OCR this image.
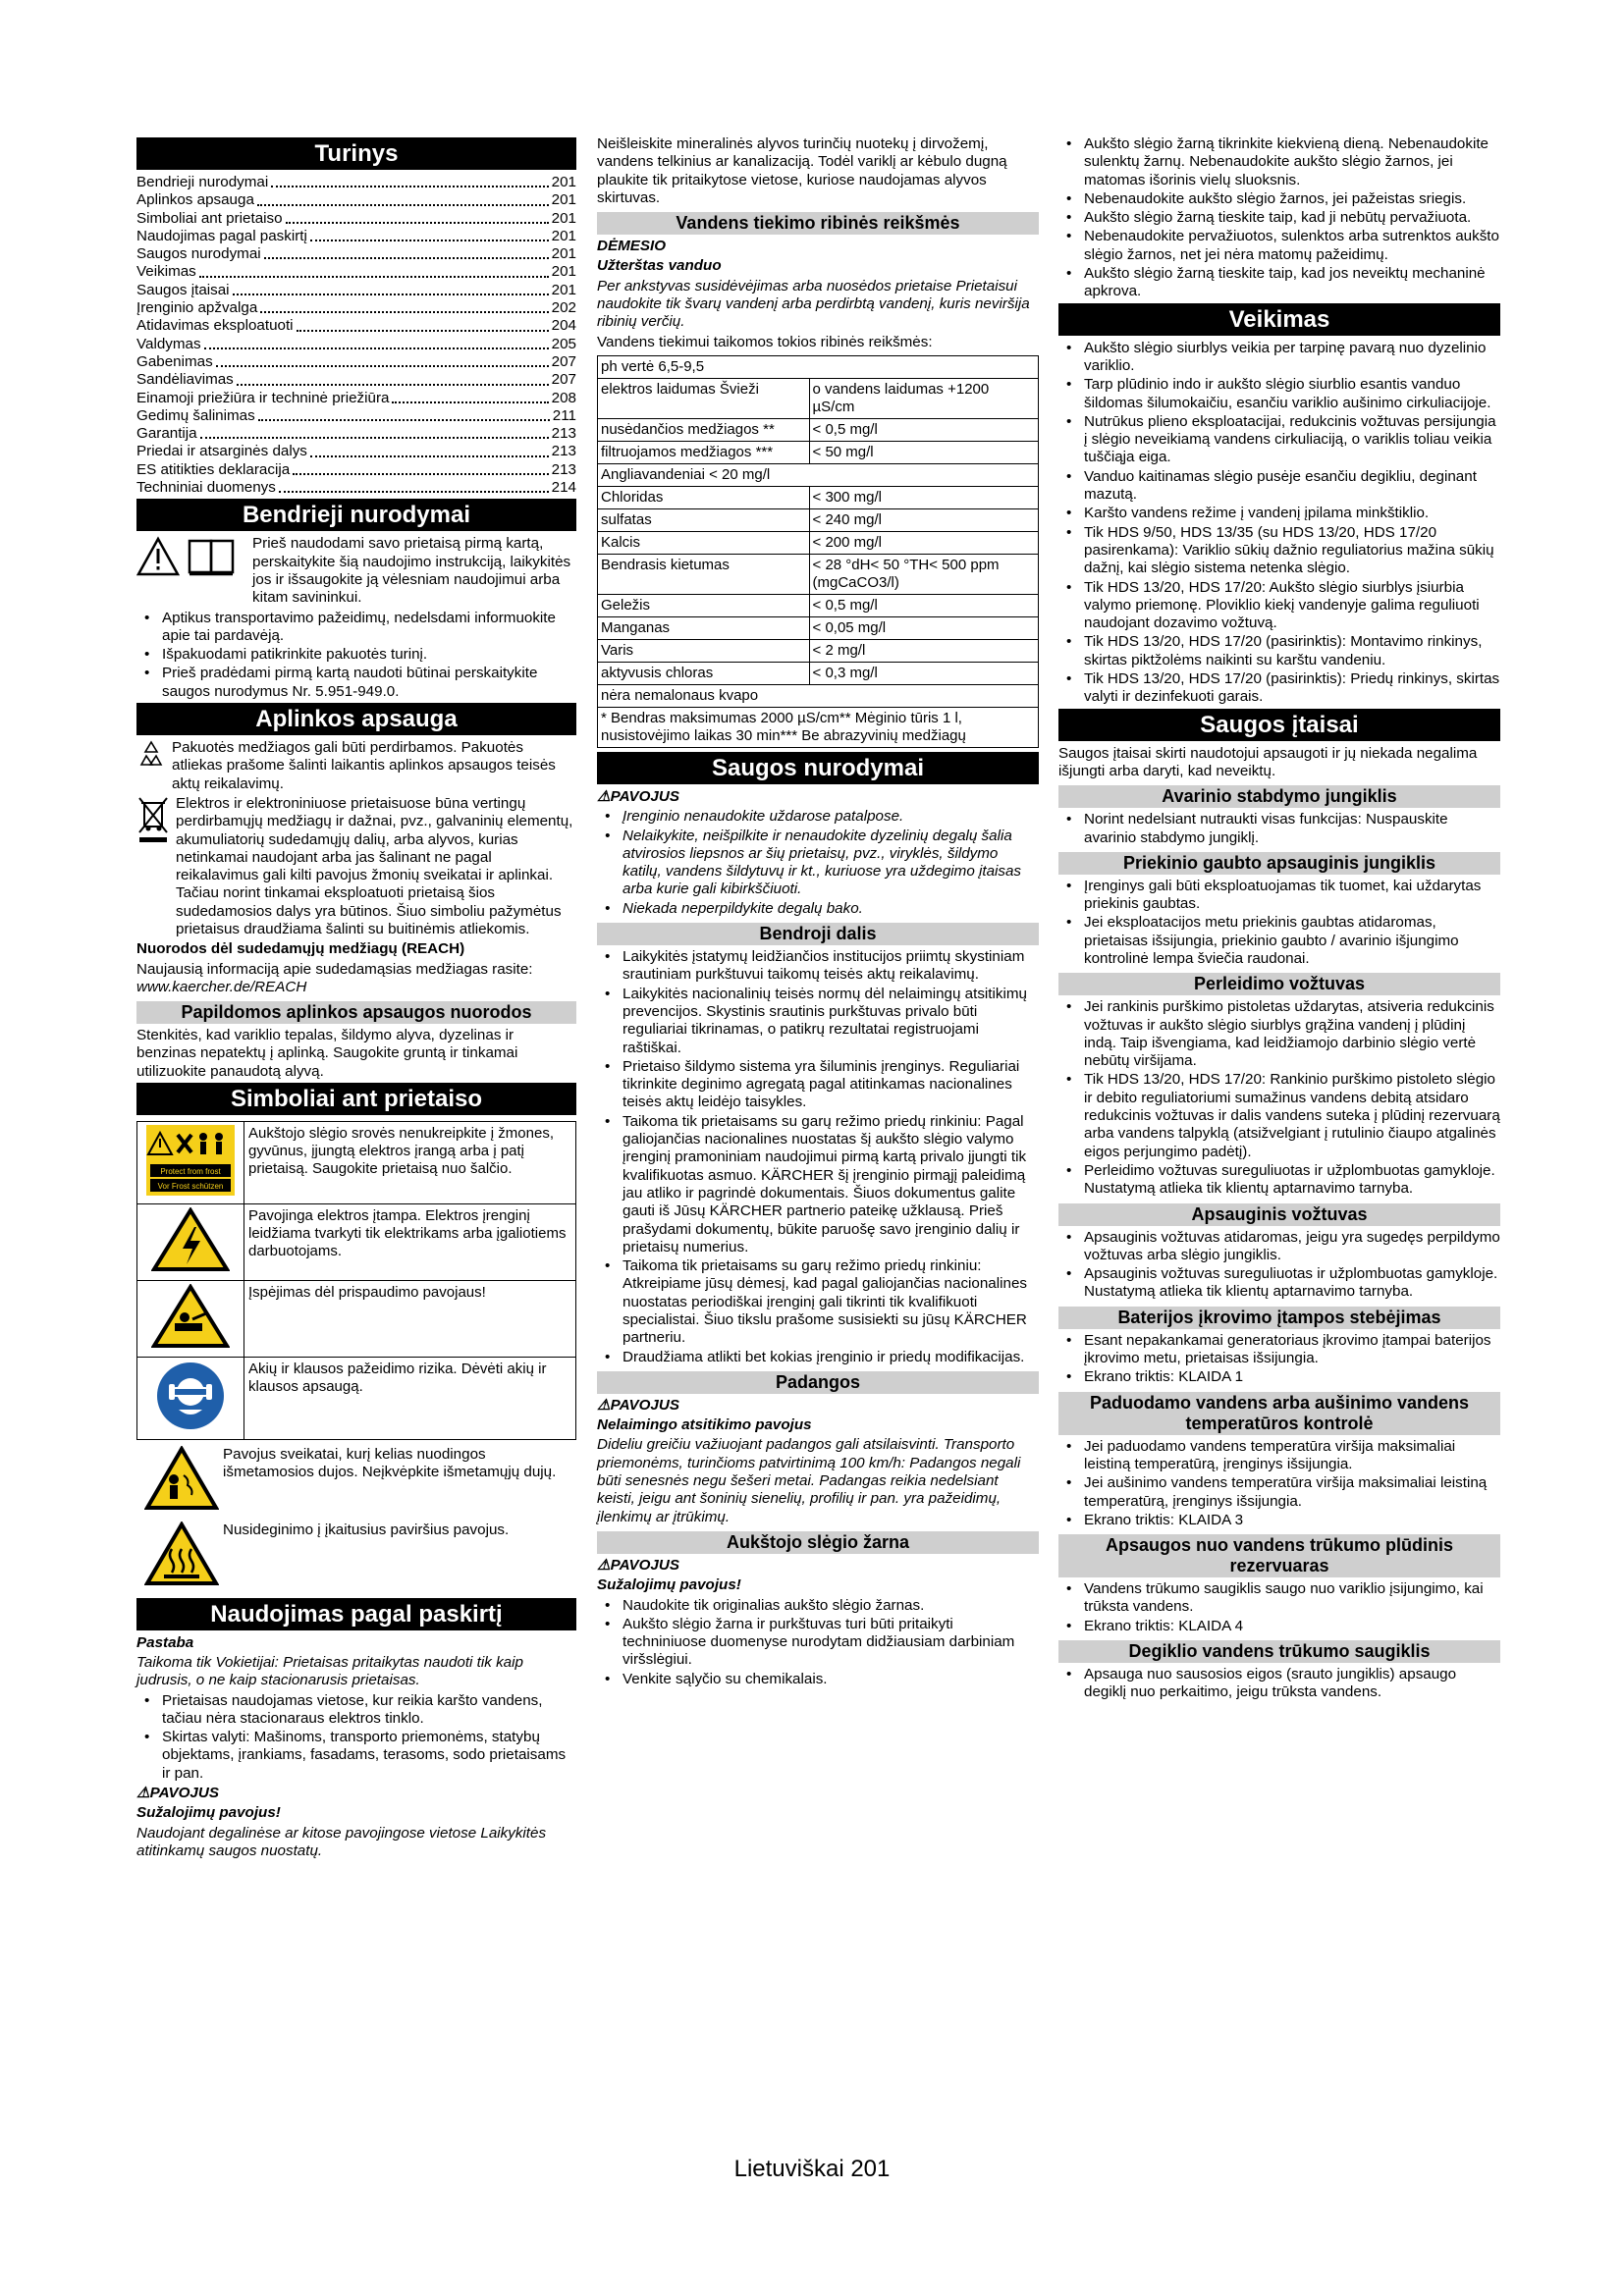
Turinys
Bendrieji nurodymai	201
Aplinkos apsauga	201
Simboliai ant prietaiso	201
Naudojimas pagal paskirtį	201
Saugos nurodymai	201
Veikimas	201
Saugos įtaisai	201
Įrenginio apžvalga	202
Atidavimas eksploatuoti	204
Valdymas	205
Gabenimas	207
Sandėliavimas	207
Einamoji priežiūra ir techninė priežiūra	208
Gedimų šalinimas	211
Garantija	213
Priedai ir atsarginės dalys	213
ES atitikties deklaracija	213
Techniniai duomenys	214
Bendrieji nurodymai

Prieš naudodami savo prietaisą pirmą kartą, perskaitykite šią naudojimo instrukciją, laikykitės jos ir išsaugokite ją vėlesniam naudojimui arba kitam savininkui.

• Aptikus transportavimo pažeidimų, nedelsdami informuokite apie tai pardavėją.
• Išpakuodami patikrinkite pakuotės turinį.
• Prieš pradėdami pirmą kartą naudoti būtinai perskaitykite saugos nurodymus Nr. 5.951-949.0.
Aplinkos apsauga

Pakuotės medžiagos gali būti perdirbamos. Pakuotės atliekas prašome šalinti laikantis aplinkos apsaugos teisės aktų reikalavimų.

Elektros ir elektroniniuose prietaisuose būna vertingų perdirbamųjų medžiagų ir dažnai, pvz., galvaninių elementų, akumuliatorių sudedamųjų dalių, arba alyvos, kurias netinkamai naudojant arba jas šalinant ne pagal reikalavimus gali kilti pavojus žmonių sveikatai ir aplinkai. Tačiau norint tinkamai eksploatuoti prietaisą šios sudedamosios dalys yra būtinos. Šiuo simboliu pažymėtus prietaisus draudžiama šalinti su buitinėmis atliekomis.

Nuorodos dėl sudedamųjų medžiagų (REACH)

Naujausią informaciją apie sudedamąsias medžiagas rasite: www.kaercher.de/REACH

Papildomos aplinkos apsaugos nuorodos

Stenkitės, kad variklio tepalas, šildymo alyva, dyzelinas ir benzinas nepatektų į aplinką. Saugokite gruntą ir tinkamai utilizuokite panaudotą alyvą.

Simboliai ant prietaiso
Protect from frost
Vor Frost schützen	Aukštojo slėgio srovės nenukreipkite į žmones, gyvūnus, įjungtą elektros įrangą arba į patį prietaisą. Saugokite prietaisą nuo šalčio.
	Pavojinga elektros įtampa. Elektros įrenginį leidžiama tvarkyti tik elektrikams arba įgaliotiems darbuotojams.
	Įspėjimas dėl prispaudimo pavojaus!
	Akių ir klausos pažeidimo rizika. Dėvėti akių ir klausos apsaugą.

Pavojus sveikatai, kurį kelias nuodingos išmetamosios dujos. Neįkvėpkite išmetamųjų dujų.

Nusideginimo į įkaitusius paviršius pavojus.

Naudojimas pagal paskirtį

Pastaba

Taikoma tik Vokietijai: Prietaisas pritaikytas naudoti tik kaip judrusis, o ne kaip stacionarusis prietaisas.

• Prietaisas naudojamas vietose, kur reikia karšto vandens, tačiau nėra stacionaraus elektros tinklo.
• Skirtas valyti: Mašinoms, transporto priemonėms, statybų objektams, įrankiams, fasadams, terasoms, sodo prietaisams ir pan.

⚠PAVOJUS

Sužalojimų pavojus!

Naudojant degalinėse ar kitose pavojingose vietose Laikykitės atitinkamų saugos nuostatų.

Neišleiskite mineralinės alyvos turinčių nuotekų į dirvožemį, vandens telkinius ar kanalizaciją. Todėl variklį ar kėbulo dugną plaukite tik pritaikytose vietose, kuriose naudojamas alyvos skirtuvas.

Vandens tiekimo ribinės reikšmės

DĖMESIO

Užterštas vanduo

Per ankstyvas susidėvėjimas arba nuosėdos prietaise Prietaisui naudokite tik švarų vandenį arba perdirbtą vandenį, kuris neviršija ribinių verčių.

Vandens tiekimui taikomos tokios ribinės reikšmės:

ph vertė 6,5-9,5	
elektros laidumas Švieži	o vandens laidumas +1200 µS/cm
nusėdančios medžiagos **	< 0,5 mg/l
filtruojamos medžiagos ***	< 50 mg/l
Angliavandeniai < 20 mg/l	
Chloridas	< 300 mg/l
sulfatas	< 240 mg/l
Kalcis	< 200 mg/l
Bendrasis kietumas	< 28 °dH< 50 °TH< 500 ppm (mgCaCO3/l)
Geležis	< 0,5 mg/l
Manganas	< 0,05 mg/l
Varis	< 2 mg/l
aktyvusis chloras	< 0,3 mg/l
nėra nemalonaus kvapo	
* Bendras maksimumas 2000 µS/cm** Mėginio tūris 1 l, nusistovėjimo laikas 30 min*** Be abrazyvinių medžiagų	
Saugos nurodymai

⚠PAVOJUS

• Įrenginio nenaudokite uždarose patalpose.
• Nelaikykite, neišpilkite ir nenaudokite dyzelinių degalų šalia atvirosios liepsnos ar šių prietaisų, pvz., viryklės, šildymo katilų, vandens šildytuvų ir kt., kuriuose yra uždegimo įtaisas arba kurie gali kibirkščiuoti.
• Niekada neperpildykite degalų bako.
Bendroji dalis
• Laikykitės įstatymų leidžiančios institucijos priimtų skystiniam srautiniam purkštuvui taikomų teisės aktų reikalavimų.
• Laikykitės nacionalinių teisės normų dėl nelaimingų atsitikimų prevencijos. Skystinis srautinis purkštuvas privalo būti reguliariai tikrinamas, o patikrų rezultatai registruojami raštiškai.
• Prietaiso šildymo sistema yra šiluminis įrenginys. Reguliariai tikrinkite deginimo agregatą pagal atitinkamas nacionalines teisės aktų leidėjo taisykles.
• Taikoma tik prietaisams su garų režimo priedų rinkiniu: Pagal galiojančias nacionalines nuostatas šį aukšto slėgio valymo įrenginį pramoniniam naudojimui pirmą kartą privalo įjungti tik kvalifikuotas asmuo. KÄRCHER šį įrenginio pirmąjį paleidimą jau atliko ir pagrindė dokumentais. Šiuos dokumentus galite gauti iš Jūsų KÄRCHER partnerio pateikę užklausą. Prieš prašydami dokumentų, būkite paruošę savo įrenginio dalių ir prietaisų numerius.
• Taikoma tik prietaisams su garų režimo priedų rinkiniu: Atkreipiame jūsų dėmesį, kad pagal galiojančias nacionalines nuostatas periodiškai įrenginį gali tikrinti tik kvalifikuoti specialistai. Šiuo tikslu prašome susisiekti su jūsų KÄRCHER partneriu.
• Draudžiama atlikti bet kokias įrenginio ir priedų modifikacijas.
Padangos

⚠PAVOJUS

Nelaimingo atsitikimo pavojus

Dideliu greičiu važiuojant padangos gali atsilaisvinti. Transporto priemonėms, turinčioms patvirtinimą 100 km/h: Padangos negali būti senesnės negu šešeri metai. Padangas reikia nedelsiant keisti, jeigu ant šoninių sienelių, profilių ir pan. yra pažeidimų, įlenkimų ar įtrūkimų.

Aukštojo slėgio žarna

⚠PAVOJUS

Sužalojimų pavojus!

• Naudokite tik originalias aukšto slėgio žarnas.
• Aukšto slėgio žarna ir purkštuvas turi būti pritaikyti techniniuose duomenyse nurodytam didžiausiam darbiniam viršslėgiui.
• Venkite sąlyčio su chemikalais.
• Aukšto slėgio žarną tikrinkite kiekvieną dieną. Nebenaudokite sulenktų žarnų. Nebenaudokite aukšto slėgio žarnos, jei matomas išorinis vielų sluoksnis.
• Nebenaudokite aukšto slėgio žarnos, jei pažeistas sriegis.
• Aukšto slėgio žarną tieskite taip, kad ji nebūtų pervažiuota.
• Nebenaudokite pervažiuotos, sulenktos arba sutrenktos aukšto slėgio žarnos, net jei nėra matomų pažeidimų.
• Aukšto slėgio žarną tieskite taip, kad jos neveiktų mechaninė apkrova.
Veikimas
• Aukšto slėgio siurblys veikia per tarpinę pavarą nuo dyzelinio variklio.
• Tarp plūdinio indo ir aukšto slėgio siurblio esantis vanduo šildomas šilumokaičiu, esančiu variklio aušinimo cirkuliacijoje.
• Nutrūkus plieno eksploatacijai, redukcinis vožtuvas persijungia į slėgio neveikiamą vandens cirkuliaciją, o variklis toliau veikia tuščiąja eiga.
• Vanduo kaitinamas slėgio pusėje esančiu degikliu, deginant mazutą.
• Karšto vandens režime į vandenį įpilama minkštiklio.
• Tik HDS 9/50, HDS 13/35 (su HDS 13/20, HDS 17/20 pasirenkama): Variklio sūkių dažnio reguliatorius mažina sūkių dažnį, kai slėgio sistema netenka slėgio.
• Tik HDS 13/20, HDS 17/20: Aukšto slėgio siurblys įsiurbia valymo priemonę. Ploviklio kiekį vandenyje galima reguliuoti naudojant dozavimo vožtuvą.
• Tik HDS 13/20, HDS 17/20 (pasirinktis): Montavimo rinkinys, skirtas piktžolėms naikinti su karštu vandeniu.
• Tik HDS 13/20, HDS 17/20 (pasirinktis): Priedų rinkinys, skirtas valyti ir dezinfekuoti garais.
Saugos įtaisai

Saugos įtaisai skirti naudotojui apsaugoti ir jų niekada negalima išjungti arba daryti, kad neveiktų.

Avarinio stabdymo jungiklis
• Norint nedelsiant nutraukti visas funkcijas: Nuspauskite avarinio stabdymo jungiklį.
Priekinio gaubto apsauginis jungiklis
• Įrenginys gali būti eksploatuojamas tik tuomet, kai uždarytas priekinis gaubtas.
• Jei eksploatacijos metu priekinis gaubtas atidaromas, prietaisas išsijungia, priekinio gaubto / avarinio išjungimo kontrolinė lempa šviečia raudonai.
Perleidimo vožtuvas
• Jei rankinis purškimo pistoletas uždarytas, atsiveria redukcinis vožtuvas ir aukšto slėgio siurblys grąžina vandenį į plūdinį indą. Taip išvengiama, kad leidžiamojo darbinio slėgio vertė nebūtų viršijama.
• Tik HDS 13/20, HDS 17/20: Rankinio purškimo pistoleto slėgio ir debito reguliatoriumi sumažinus vandens debitą atsidaro redukcinis vožtuvas ir dalis vandens suteka į plūdinį rezervuarą arba vandens talpyklą (atsižvelgiant į rutulinio čiaupo atgalinės eigos perjungimo padėtį).
• Perleidimo vožtuvas sureguliuotas ir užplombuotas gamykloje. Nustatymą atlieka tik klientų aptarnavimo tarnyba.
Apsauginis vožtuvas
• Apsauginis vožtuvas atidaromas, jeigu yra sugedęs perpildymo vožtuvas arba slėgio jungiklis.
• Apsauginis vožtuvas sureguliuotas ir užplombuotas gamykloje. Nustatymą atlieka tik klientų aptarnavimo tarnyba.
Baterijos įkrovimo įtampos stebėjimas
• Esant nepakankamai generatoriaus įkrovimo įtampai baterijos įkrovimo metu, prietaisas išsijungia.
• Ekrano triktis: KLAIDA 1
Paduodamo vandens arba aušinimo vandens temperatūros kontrolė
• Jei paduodamo vandens temperatūra viršija maksimaliai leistiną temperatūrą, įrenginys išsijungia.
• Jei aušinimo vandens temperatūra viršija maksimaliai leistiną temperatūrą, įrenginys išsijungia.
• Ekrano triktis: KLAIDA 3
Apsaugos nuo vandens trūkumo plūdinis rezervuaras
• Vandens trūkumo saugiklis saugo nuo variklio įsijungimo, kai trūksta vandens.
• Ekrano triktis: KLAIDA 4
Degiklio vandens trūkumo saugiklis
• Apsauga nuo sausosios eigos (srauto jungiklis) apsaugo degiklį nuo perkaitimo, jeigu trūksta vandens.
Lietuviškai 201
